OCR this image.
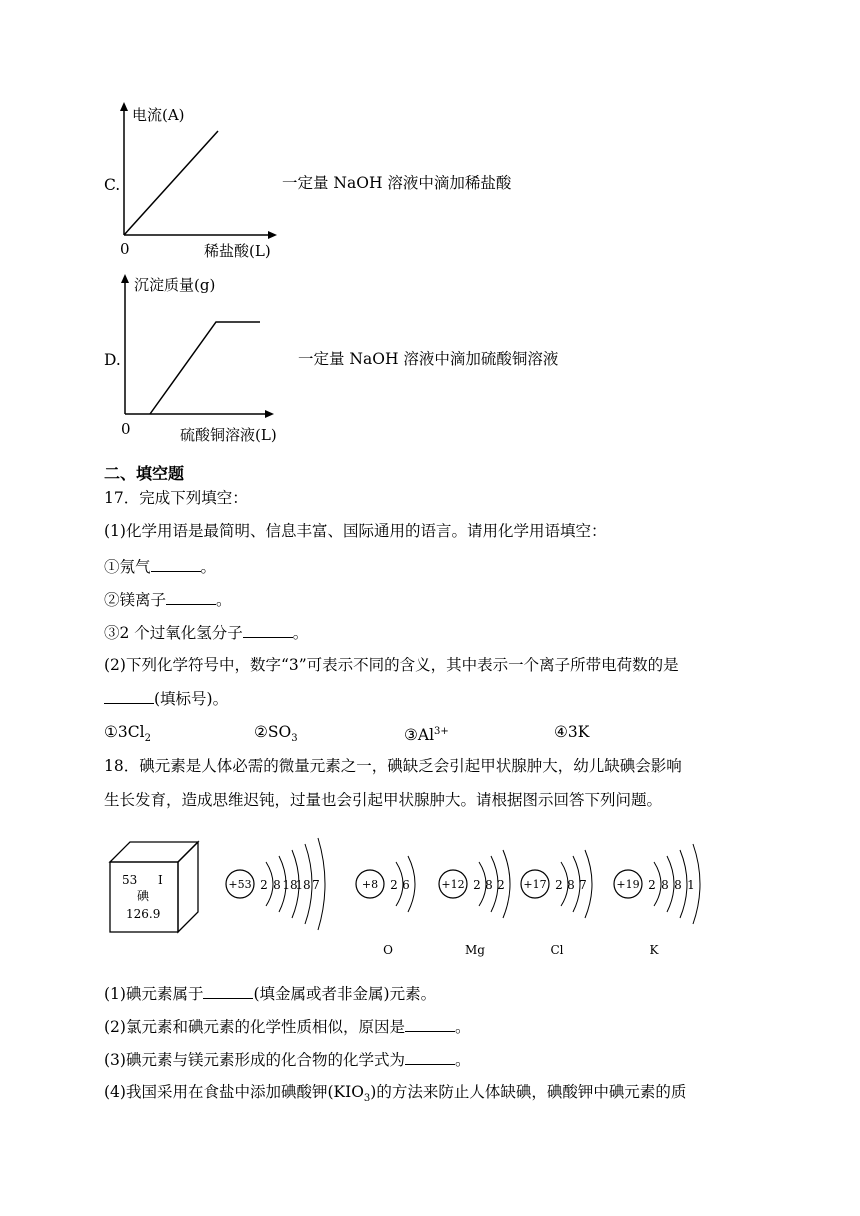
C.
电流(A)
0	稀盐酸(L)
一定量 NaOH 溶液中滴加稀盐酸
D.
沉淀质量(g)
0	硫酸铜溶液(L)
一定量 NaOH 溶液中滴加硫酸铜溶液
二、填空题
17．完成下列填空：
(1)化学用语是最简明、信息丰富、国际通用的语言。请用化学用语填空：
①氖气	。
②镁离子	。
③2 个过氧化氢分子	。
(2)下列化学符号中，数字“3”可表示不同的含义，其中表示一个离子所带电荷数的是
(填标号)。
$①3Cl_2$	$②SO_3$	$③Al^{3+}$	④3K
18．碘元素是人体必需的微量元素之一，碘缺乏会引起甲状腺肿大，幼儿缺碘会影响
生长发育，造成思维迟钝，过量也会引起甲状腺肿大。请根据图示回答下列问题。
53 I
碘
126.9
+53 2 8 18
18 7	+8 2 6
O
+12 2 8 2
Mg
+17 2 8 7
Cl
+19 2 8 8 1
K
(1)碘元素属于	(填金属或者非金属)元素。
(2)氯元素和碘元素的化学性质相似，原因是	。
(3)碘元素与镁元素形成的化合物的化学式为	。
(4)我国采用在食盐中添加碘酸钾$(KIO_3)$的方法来防止人体缺碘，碘酸钾中碘元素的质
